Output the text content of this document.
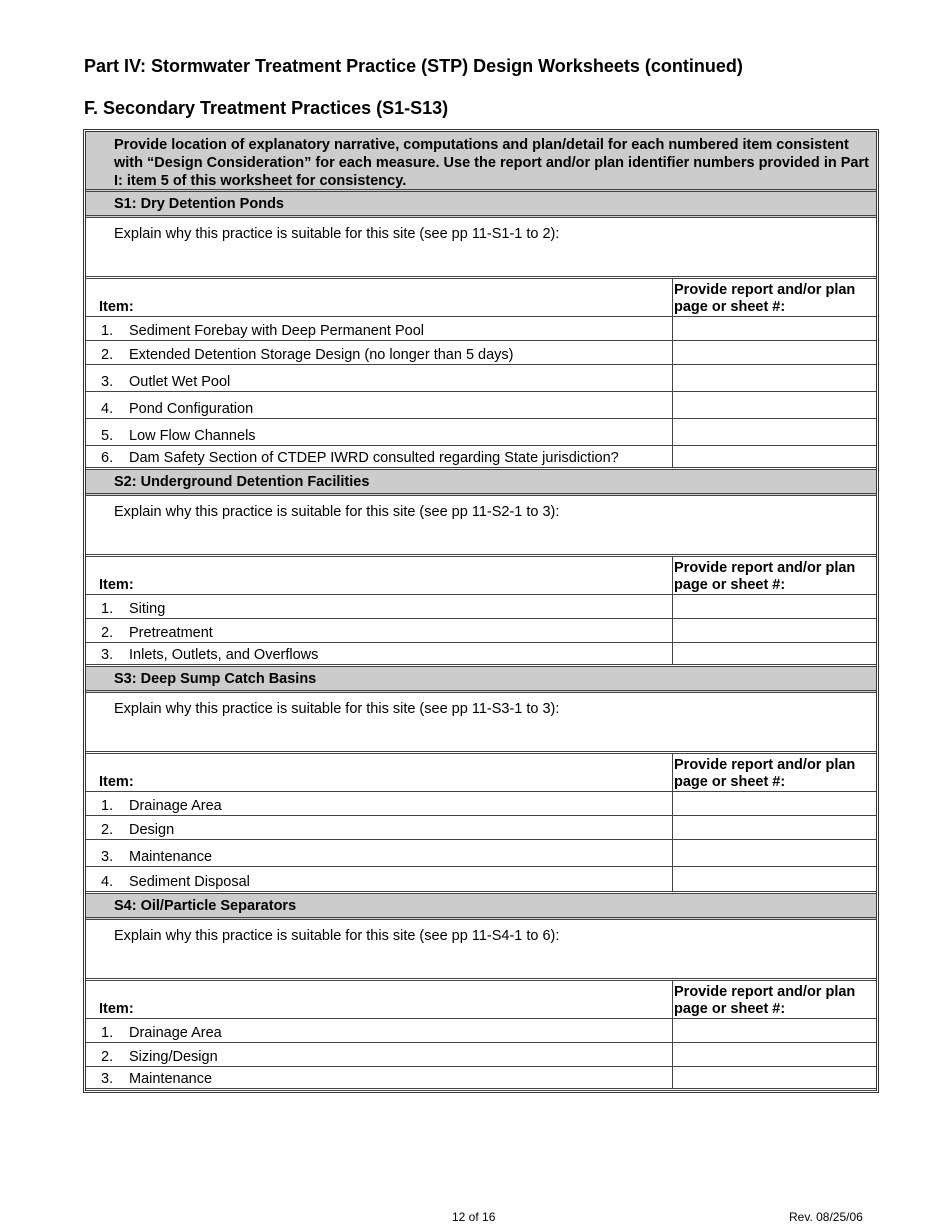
Part IV: Stormwater Treatment Practice (STP) Design Worksheets (continued)
F. Secondary Treatment Practices (S1-S13)
Provide location of explanatory narrative, computations and plan/detail for each numbered item consistent with “Design Consideration” for each measure. Use the report and/or plan identifier numbers provided in Part I: item 5 of this worksheet for consistency.
S1: Dry Detention Ponds
Explain why this practice is suitable for this site (see pp 11-S1-1 to 2):
Item:
Provide report and/or plan page or sheet #:
1. Sediment Forebay with Deep Permanent Pool
2. Extended Detention Storage Design (no longer than 5 days)
3. Outlet Wet Pool
4. Pond Configuration
5. Low Flow Channels
6. Dam Safety Section of CTDEP IWRD consulted regarding State jurisdiction?
S2: Underground Detention Facilities
Explain why this practice is suitable for this site (see pp 11-S2-1 to 3):
Item:
Provide report and/or plan page or sheet #:
1. Siting
2. Pretreatment
3. Inlets, Outlets, and Overflows
S3: Deep Sump Catch Basins
Explain why this practice is suitable for this site (see pp 11-S3-1 to 3):
Item:
Provide report and/or plan page or sheet #:
1. Drainage Area
2. Design
3. Maintenance
4. Sediment Disposal
S4: Oil/Particle Separators
Explain why this practice is suitable for this site (see pp 11-S4-1 to 6):
Item:
Provide report and/or plan page or sheet #:
1. Drainage Area
2. Sizing/Design
3. Maintenance
12 of 16	Rev. 08/25/06
